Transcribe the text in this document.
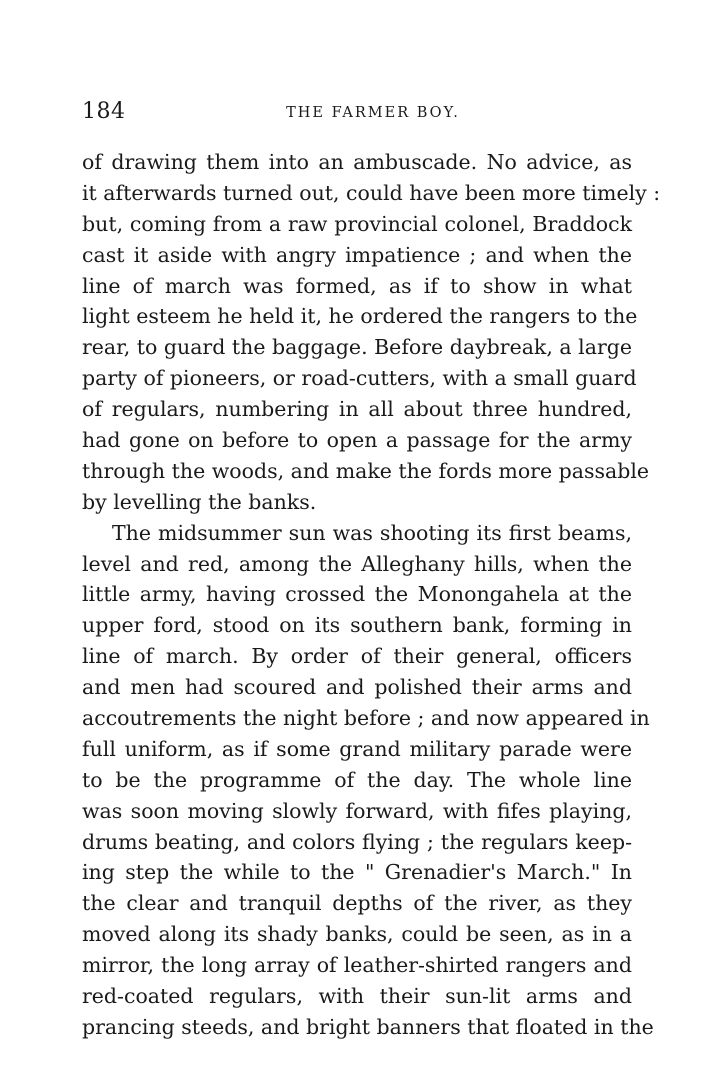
184	THE FARMER BOY.
of drawing them into an ambuscade. No advice, as
it afterwards turned out, could have been more timely :
but, coming from a raw provincial colonel, Braddock
cast it aside with angry impatience ; and when the
line of march was formed, as if to show in what
light esteem he held it, he ordered the rangers to the
rear, to guard the baggage. Before daybreak, a large
party of pioneers, or road-cutters, with a small guard
of regulars, numbering in all about three hundred,
had gone on before to open a passage for the army
through the woods, and make the fords more passable
by levelling the banks.
The midsummer sun was shooting its first beams,
level and red, among the Alleghany hills, when the
little army, having crossed the Monongahela at the
upper ford, stood on its southern bank, forming in
line of march. By order of their general, officers
and men had scoured and polished their arms and
accoutrements the night before ; and now appeared in
full uniform, as if some grand military parade were
to be the programme of the day. The whole line
was soon moving slowly forward, with fifes playing,
drums beating, and colors flying ; the regulars keep-
ing step the while to the " Grenadier's March." In
the clear and tranquil depths of the river, as they
moved along its shady banks, could be seen, as in a
mirror, the long array of leather-shirted rangers and
red-coated regulars, with their sun-lit arms and
prancing steeds, and bright banners that floated in the
